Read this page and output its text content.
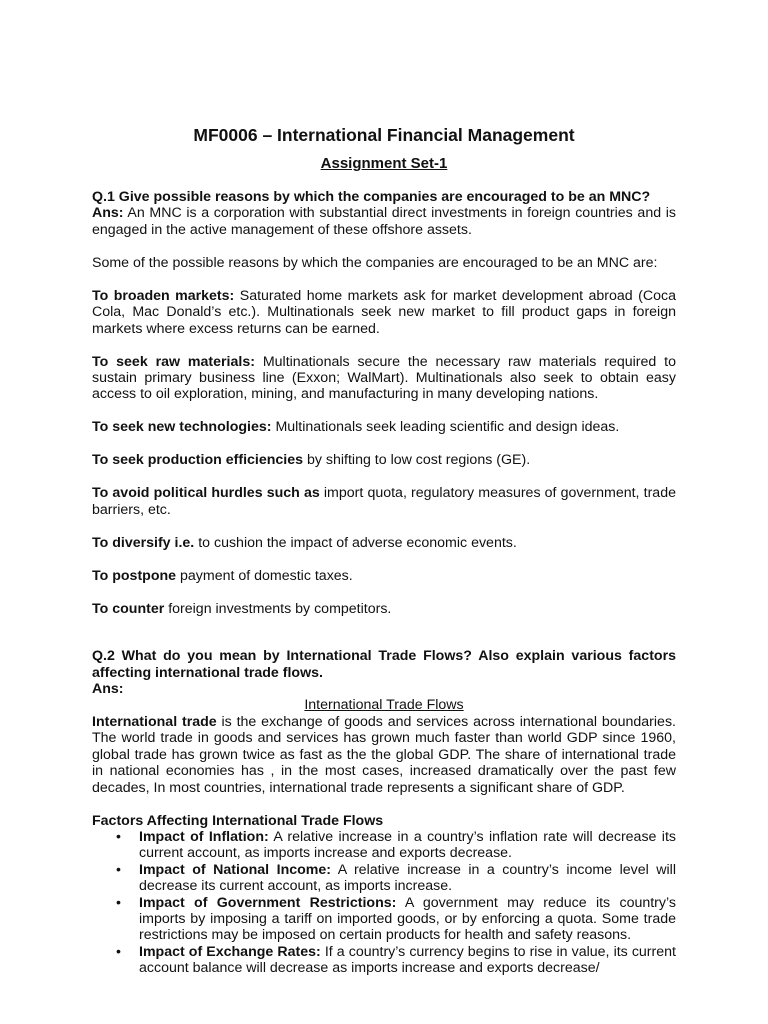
MF0006 – International Financial Management
Assignment Set-1

Q.1 Give possible reasons by which the companies are encouraged to be an MNC?

Ans: An MNC is a corporation with substantial direct investments in foreign countries and is engaged in the active management of these offshore assets.

Some of the possible reasons by which the companies are encouraged to be an MNC are:

To broaden markets: Saturated home markets ask for market development abroad (Coca Cola, Mac Donald’s etc.). Multinationals seek new market to fill product gaps in foreign markets where excess returns can be earned.

To seek raw materials: Multinationals secure the necessary raw materials required to sustain primary business line (Exxon; WalMart). Multinationals also seek to obtain easy access to oil exploration, mining, and manufacturing in many developing nations.

To seek new technologies: Multinationals seek leading scientific and design ideas.

To seek production efficiencies by shifting to low cost regions (GE).

To avoid political hurdles such as import quota, regulatory measures of government, trade barriers, etc.

To diversify i.e. to cushion the impact of adverse economic events.

To postpone payment of domestic taxes.

To counter foreign investments by competitors.

Q.2 What do you mean by International Trade Flows? Also explain various factors affecting international trade flows.

Ans:

International Trade Flows

International trade is the exchange of goods and services across international boundaries. The world trade in goods and services has grown much faster than world GDP since 1960, global trade has grown twice as fast as the the global GDP. The share of international trade in national economies has , in the most cases, increased dramatically over the past few decades, In most countries, international trade represents a significant share of GDP.

Factors Affecting International Trade Flows

• Impact of Inflation: A relative increase in a country’s inflation rate will decrease its current account, as imports increase and exports decrease.
• Impact of National Income: A relative increase in a country’s income level will decrease its current account, as imports increase.
• Impact of Government Restrictions: A government may reduce its country’s imports by imposing a tariff on imported goods, or by enforcing a quota. Some trade restrictions may be imposed on certain products for health and safety reasons.
• Impact of Exchange Rates: If a country’s currency begins to rise in value, its current account balance will decrease as imports increase and exports decrease/
